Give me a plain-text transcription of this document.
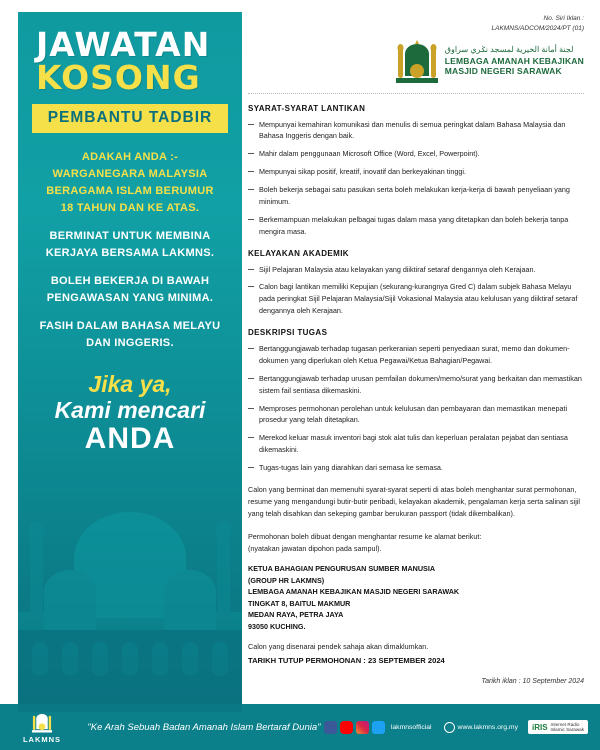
JAWATAN
KOSONG
PEMBANTU TADBIR
ADAKAH ANDA :-
WARGANEGARA MALAYSIA
BERAGAMA ISLAM BERUMUR
18 TAHUN DAN KE ATAS.
BERMINAT UNTUK MEMBINA
KERJAYA BERSAMA LAKMNS.
BOLEH BEKERJA DI BAWAH
PENGAWASAN YANG MINIMA.
FASIH DALAM BAHASA MELAYU
DAN INGGERIS.
Jika ya,
Kami mencari
ANDA
No. Siri Iklan :
LAKMNS/ADCOM/2024/PT (01)
لجنة أمانة الخيرية لمسجد نݢري سراوق
LEMBAGA AMANAH KEBAJIKAN
MASJID NEGERI SARAWAK
SYARAT-SYARAT LANTIKAN
Mempunyai kemahiran komunikasi dan menulis di semua peringkat dalam Bahasa Malaysia dan Bahasa Inggeris dengan baik.
Mahir dalam penggunaan Microsoft Office (Word, Excel, Powerpoint).
Mempunyai sikap positif, kreatif, inovatif dan berkeyakinan tinggi.
Boleh bekerja sebagai satu pasukan serta boleh melakukan kerja-kerja di bawah penyeliaan yang minimum.
Berkemampuan melakukan pelbagai tugas dalam masa yang ditetapkan dan boleh bekerja tanpa mengira masa.
KELAYAKAN AKADEMIK
Sijil Pelajaran Malaysia atau kelayakan yang diiktiraf setaraf dengannya oleh Kerajaan.
Calon bagi lantikan memiliki Kepujian (sekurang-kurangnya Gred C) dalam subjek Bahasa Melayu pada peringkat Sijil Pelajaran Malaysia/Sijil Vokasional Malaysia atau kelulusan yang diiktiraf setaraf dengannya oleh Kerajaan.
DESKRIPSI TUGAS
Bertanggungjawab terhadap tugasan perkeranian seperti penyediaan surat, memo dan dokumen-dokumen yang diperlukan oleh Ketua Pegawai/Ketua Bahagian/Pegawai.
Bertanggungjawab terhadap urusan pemfailan dokumen/memo/surat yang berkaitan dan memastikan sistem fail sentiasa dikemaskini.
Memproses permohonan perolehan untuk kelulusan dan pembayaran dan memastikan menepati prosedur yang telah ditetapkan.
Merekod keluar masuk inventori bagi stok alat tulis dan keperluan peralatan pejabat dan sentiasa dikemaskini.
Tugas-tugas lain yang diarahkan dari semasa ke semasa.
Calon yang berminat dan memenuhi syarat-syarat seperti di atas boleh menghantar surat permohonan, resume yang mengandungi butir-butir peribadi, kelayakan akademik, pengalaman kerja serta salinan sijil yang telah disahkan dan sekeping gambar berukuran passport (tidak dikembalikan).
Permohonan boleh dibuat dengan menghantar resume ke alamat berikut:
(nyatakan jawatan dipohon pada sampul).
KETUA BAHAGIAN PENGURUSAN SUMBER MANUSIA
(GROUP HR LAKMNS)
LEMBAGA AMANAH KEBAJIKAN MASJID NEGERI SARAWAK
TINGKAT 8, BAITUL MAKMUR
MEDAN RAYA, PETRA JAYA
93050 KUCHING.
Calon yang disenarai pendek sahaja akan dimaklumkan.
TARIKH TUTUP PERMOHONAN : 23 SEPTEMBER 2024
Tarikh iklan : 10 September 2024
LAKMNS
"Ke Arah Sebuah Badan Amanah Islam Bertaraf Dunia"	lakmnsofficial	www.lakmns.org.my iRIS Internet Radio
Islamic Sarawak
